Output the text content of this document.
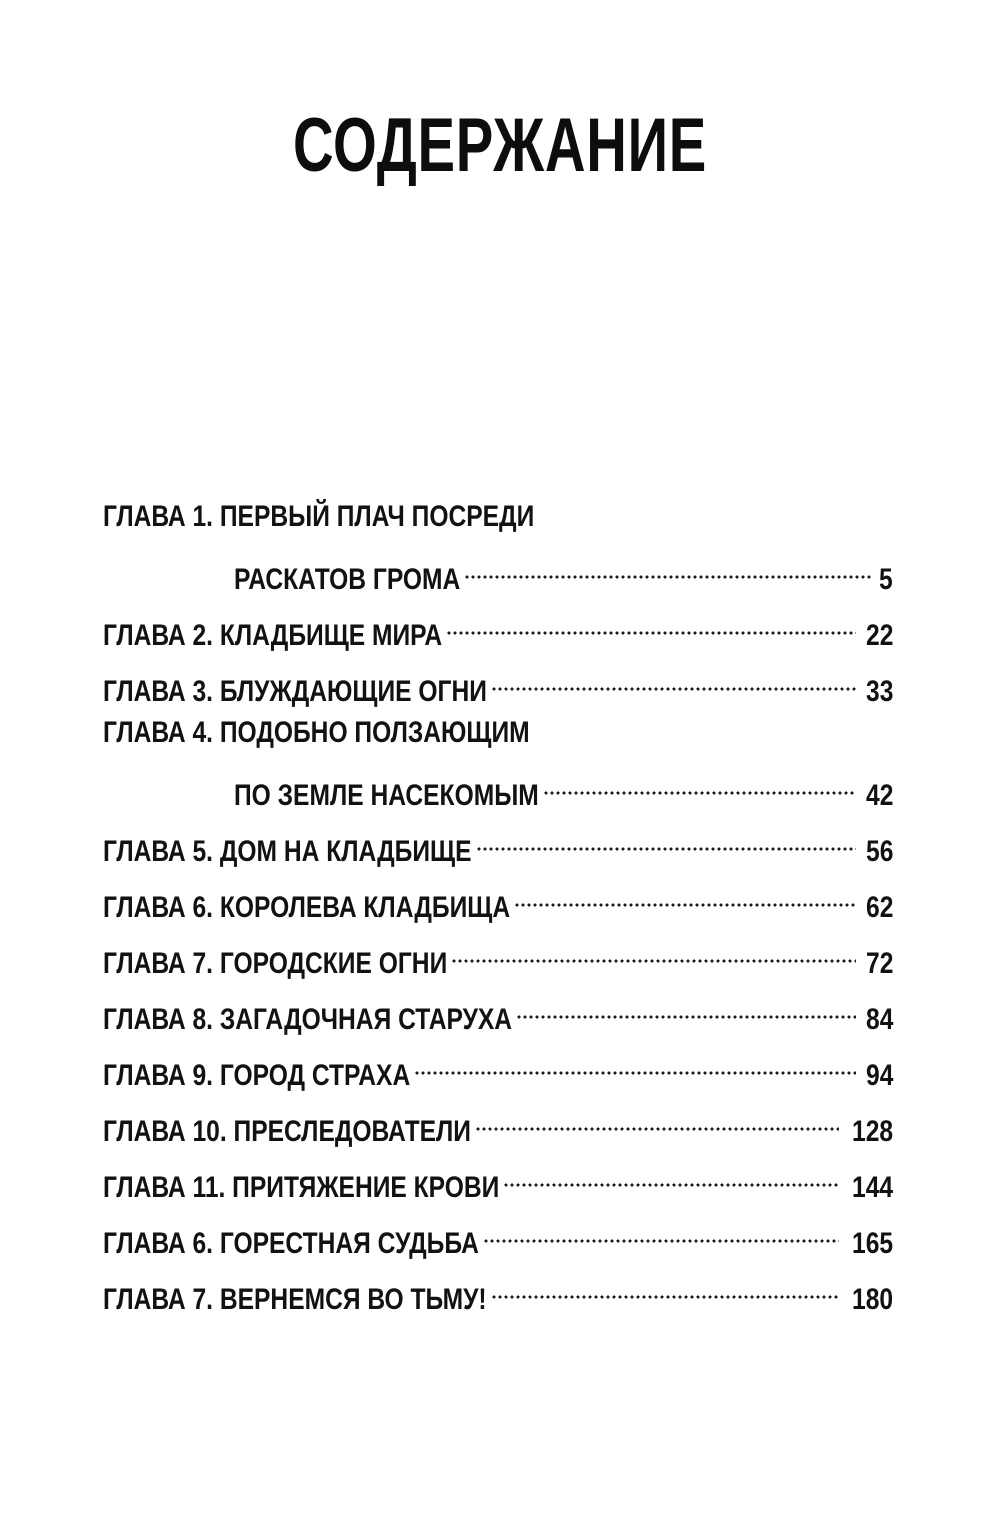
СОДЕРЖАНИЕ
ГЛАВА 1. ПЕРВЫЙ ПЛАЧ ПОСРЕДИ
РАСКАТОВ ГРОМА	5
ГЛАВА 2. КЛАДБИЩЕ МИРА	22
ГЛАВА 3. БЛУЖДАЮЩИЕ ОГНИ	33
ГЛАВА 4. ПОДОБНО ПОЛЗАЮЩИМ
ПО ЗЕМЛЕ НАСЕКОМЫМ	42
ГЛАВА 5. ДОМ НА КЛАДБИЩЕ	56
ГЛАВА 6. КОРОЛЕВА КЛАДБИЩА	62
ГЛАВА 7. ГОРОДСКИЕ ОГНИ	72
ГЛАВА 8. ЗАГАДОЧНАЯ СТАРУХА	84
ГЛАВА 9. ГОРОД СТРАХА	94
ГЛАВА 10. ПРЕСЛЕДОВАТЕЛИ	128
ГЛАВА 11. ПРИТЯЖЕНИЕ КРОВИ	144
ГЛАВА 6. ГОРЕСТНАЯ СУДЬБА	165
ГЛАВА 7. ВЕРНЕМСЯ ВО ТЬМУ!	180
